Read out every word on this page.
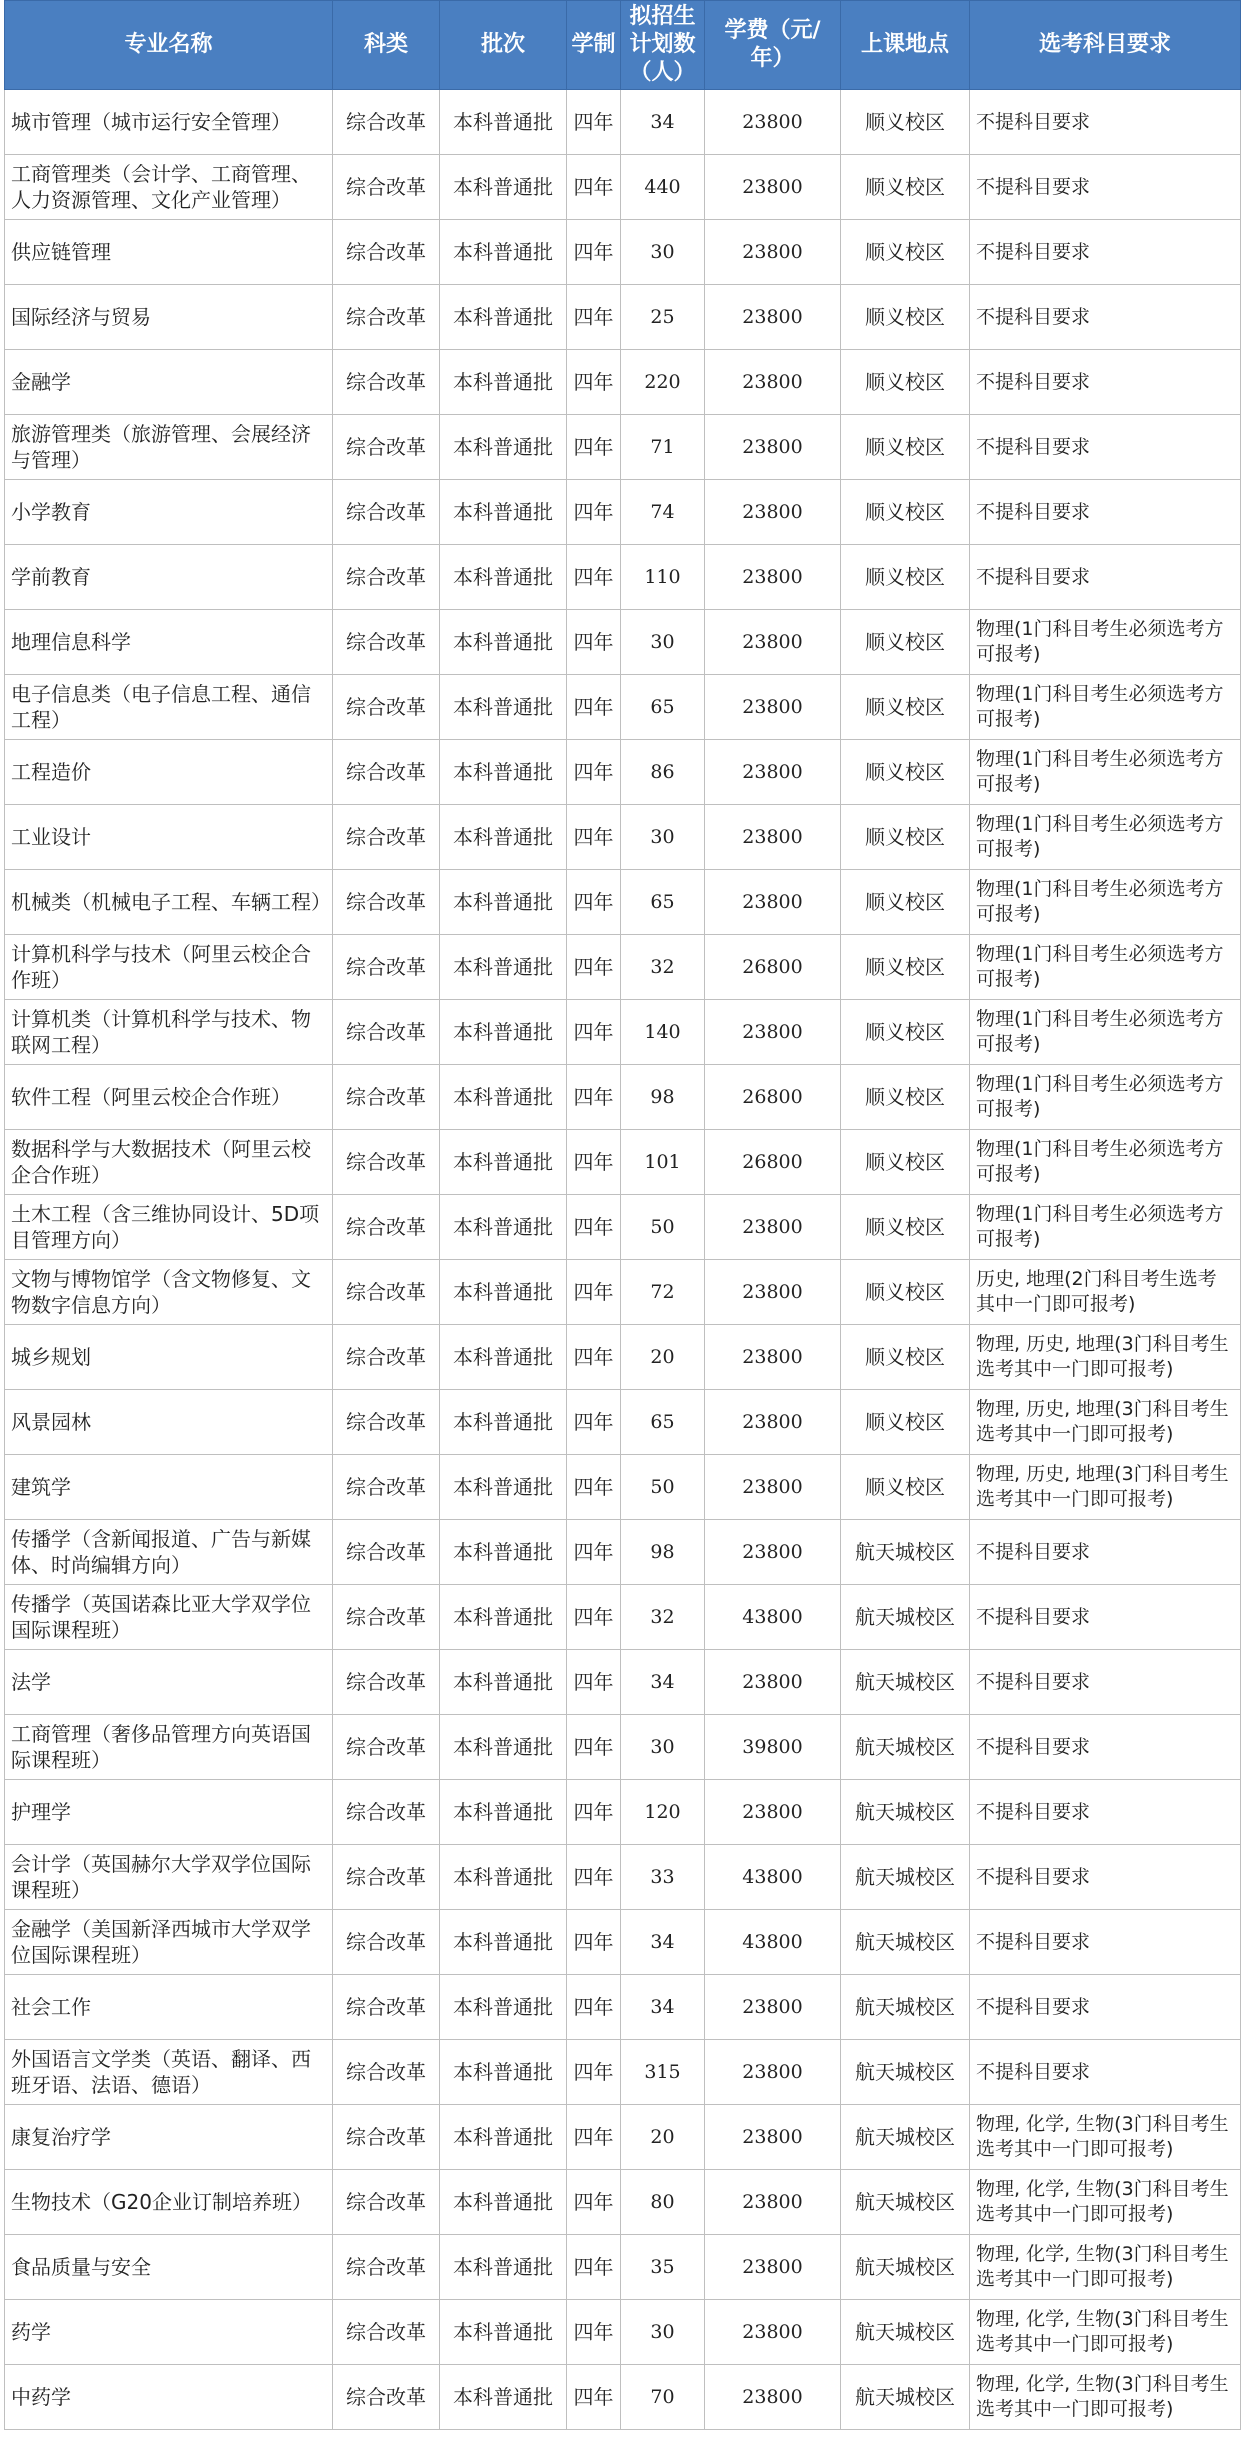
专业名称	科类	批次	学制	拟招生计划数（人）	学费（元/年）	上课地点	选考科目要求
城市管理（城市运行安全管理）	综合改革	本科普通批	四年	34	23800	顺义校区	不提科目要求
工商管理类（会计学、工商管理、人力资源管理、文化产业管理）	综合改革	本科普通批	四年	440	23800	顺义校区	不提科目要求
供应链管理	综合改革	本科普通批	四年	30	23800	顺义校区	不提科目要求
国际经济与贸易	综合改革	本科普通批	四年	25	23800	顺义校区	不提科目要求
金融学	综合改革	本科普通批	四年	220	23800	顺义校区	不提科目要求
旅游管理类（旅游管理、会展经济与管理）	综合改革	本科普通批	四年	71	23800	顺义校区	不提科目要求
小学教育	综合改革	本科普通批	四年	74	23800	顺义校区	不提科目要求
学前教育	综合改革	本科普通批	四年	110	23800	顺义校区	不提科目要求
地理信息科学	综合改革	本科普通批	四年	30	23800	顺义校区	物理(1门科目考生必须选考方可报考)
电子信息类（电子信息工程、通信工程）	综合改革	本科普通批	四年	65	23800	顺义校区	物理(1门科目考生必须选考方可报考)
工程造价	综合改革	本科普通批	四年	86	23800	顺义校区	物理(1门科目考生必须选考方可报考)
工业设计	综合改革	本科普通批	四年	30	23800	顺义校区	物理(1门科目考生必须选考方可报考)
机械类（机械电子工程、车辆工程）	综合改革	本科普通批	四年	65	23800	顺义校区	物理(1门科目考生必须选考方可报考)
计算机科学与技术（阿里云校企合作班）	综合改革	本科普通批	四年	32	26800	顺义校区	物理(1门科目考生必须选考方可报考)
计算机类（计算机科学与技术、物联网工程）	综合改革	本科普通批	四年	140	23800	顺义校区	物理(1门科目考生必须选考方可报考)
软件工程（阿里云校企合作班）	综合改革	本科普通批	四年	98	26800	顺义校区	物理(1门科目考生必须选考方可报考)
数据科学与大数据技术（阿里云校企合作班）	综合改革	本科普通批	四年	101	26800	顺义校区	物理(1门科目考生必须选考方可报考)
土木工程（含三维协同设计、5D项目管理方向）	综合改革	本科普通批	四年	50	23800	顺义校区	物理(1门科目考生必须选考方可报考)
文物与博物馆学（含文物修复、文物数字信息方向）	综合改革	本科普通批	四年	72	23800	顺义校区	历史, 地理(2门科目考生选考其中一门即可报考)
城乡规划	综合改革	本科普通批	四年	20	23800	顺义校区	物理, 历史, 地理(3门科目考生选考其中一门即可报考)
风景园林	综合改革	本科普通批	四年	65	23800	顺义校区	物理, 历史, 地理(3门科目考生选考其中一门即可报考)
建筑学	综合改革	本科普通批	四年	50	23800	顺义校区	物理, 历史, 地理(3门科目考生选考其中一门即可报考)
传播学（含新闻报道、广告与新媒体、时尚编辑方向）	综合改革	本科普通批	四年	98	23800	航天城校区	不提科目要求
传播学（英国诺森比亚大学双学位国际课程班）	综合改革	本科普通批	四年	32	43800	航天城校区	不提科目要求
法学	综合改革	本科普通批	四年	34	23800	航天城校区	不提科目要求
工商管理（奢侈品管理方向英语国际课程班）	综合改革	本科普通批	四年	30	39800	航天城校区	不提科目要求
护理学	综合改革	本科普通批	四年	120	23800	航天城校区	不提科目要求
会计学（英国赫尔大学双学位国际课程班）	综合改革	本科普通批	四年	33	43800	航天城校区	不提科目要求
金融学（美国新泽西城市大学双学位国际课程班）	综合改革	本科普通批	四年	34	43800	航天城校区	不提科目要求
社会工作	综合改革	本科普通批	四年	34	23800	航天城校区	不提科目要求
外国语言文学类（英语、翻译、西班牙语、法语、德语）	综合改革	本科普通批	四年	315	23800	航天城校区	不提科目要求
康复治疗学	综合改革	本科普通批	四年	20	23800	航天城校区	物理, 化学, 生物(3门科目考生选考其中一门即可报考)
生物技术（G20企业订制培养班）	综合改革	本科普通批	四年	80	23800	航天城校区	物理, 化学, 生物(3门科目考生选考其中一门即可报考)
食品质量与安全	综合改革	本科普通批	四年	35	23800	航天城校区	物理, 化学, 生物(3门科目考生选考其中一门即可报考)
药学	综合改革	本科普通批	四年	30	23800	航天城校区	物理, 化学, 生物(3门科目考生选考其中一门即可报考)
中药学	综合改革	本科普通批	四年	70	23800	航天城校区	物理, 化学, 生物(3门科目考生选考其中一门即可报考)
